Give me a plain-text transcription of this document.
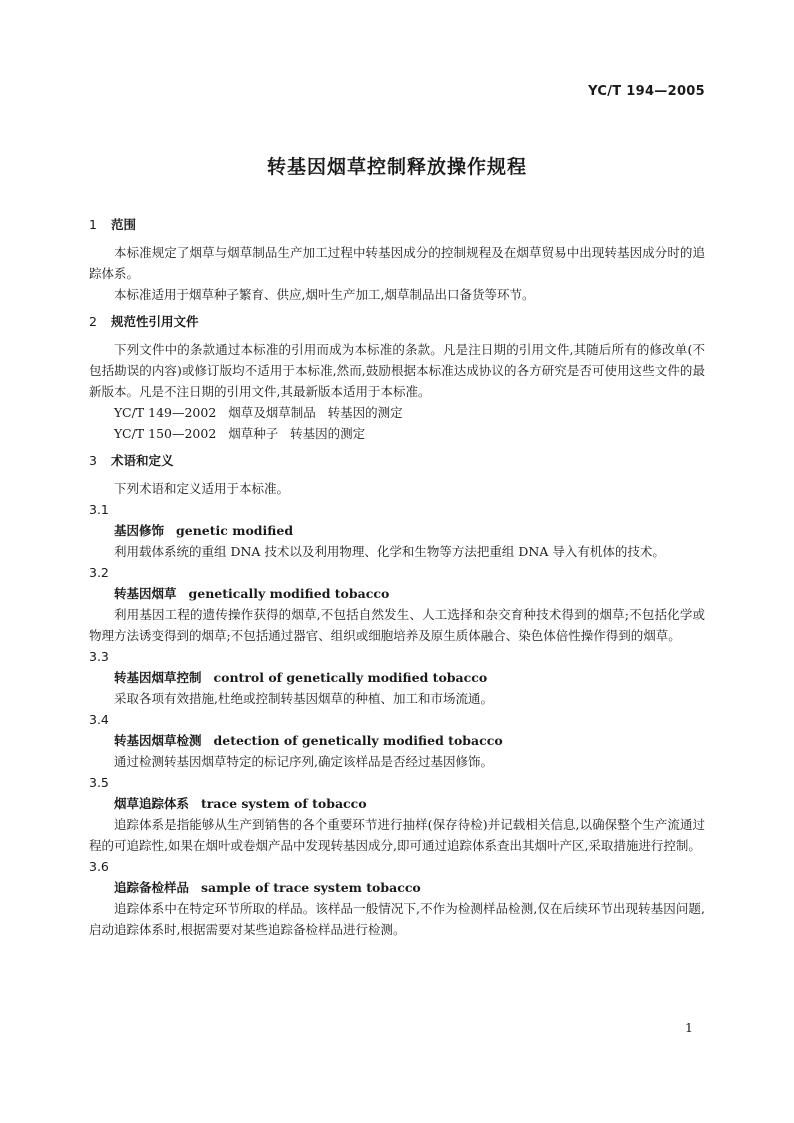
YC/T 194—2005
转基因烟草控制释放操作规程
1 范围

本标准规定了烟草与烟草制品生产加工过程中转基因成分的控制规程及在烟草贸易中出现转基因成分时的追踪体系。

本标准适用于烟草种子繁育、供应,烟叶生产加工,烟草制品出口备货等环节。

2 规范性引用文件

下列文件中的条款通过本标准的引用而成为本标准的条款。凡是注日期的引用文件,其随后所有的修改单(不包括勘误的内容)或修订版均不适用于本标准,然而,鼓励根据本标准达成协议的各方研究是否可使用这些文件的最新版本。凡是不注日期的引用文件,其最新版本适用于本标准。

YC/T 149—2002   烟草及烟草制品   转基因的测定
YC/T 150—2002   烟草种子   转基因的测定
3 术语和定义

下列术语和定义适用于本标准。

3.1
基因修饰 genetic modified

利用载体系统的重组 DNA 技术以及利用物理、化学和生物等方法把重组 DNA 导入有机体的技术。

3.2
转基因烟草 genetically modified tobacco

利用基因工程的遗传操作获得的烟草,不包括自然发生、人工选择和杂交育种技术得到的烟草;不包括化学或物理方法诱变得到的烟草;不包括通过器官、组织或细胞培养及原生质体融合、染色体倍性操作得到的烟草。

3.3
转基因烟草控制 control of genetically modified tobacco

采取各项有效措施,杜绝或控制转基因烟草的种植、加工和市场流通。

3.4
转基因烟草检测 detection of genetically modified tobacco

通过检测转基因烟草特定的标记序列,确定该样品是否经过基因修饰。

3.5
烟草追踪体系 trace system of tobacco

追踪体系是指能够从生产到销售的各个重要环节进行抽样(保存待检)并记载相关信息,以确保整个生产流通过程的可追踪性,如果在烟叶或卷烟产品中发现转基因成分,即可通过追踪体系查出其烟叶产区,采取措施进行控制。

3.6
追踪备检样品 sample of trace system tobacco

追踪体系中在特定环节所取的样品。该样品一般情况下,不作为检测样品检测,仅在后续环节出现转基因问题,启动追踪体系时,根据需要对某些追踪备检样品进行检测。

1
